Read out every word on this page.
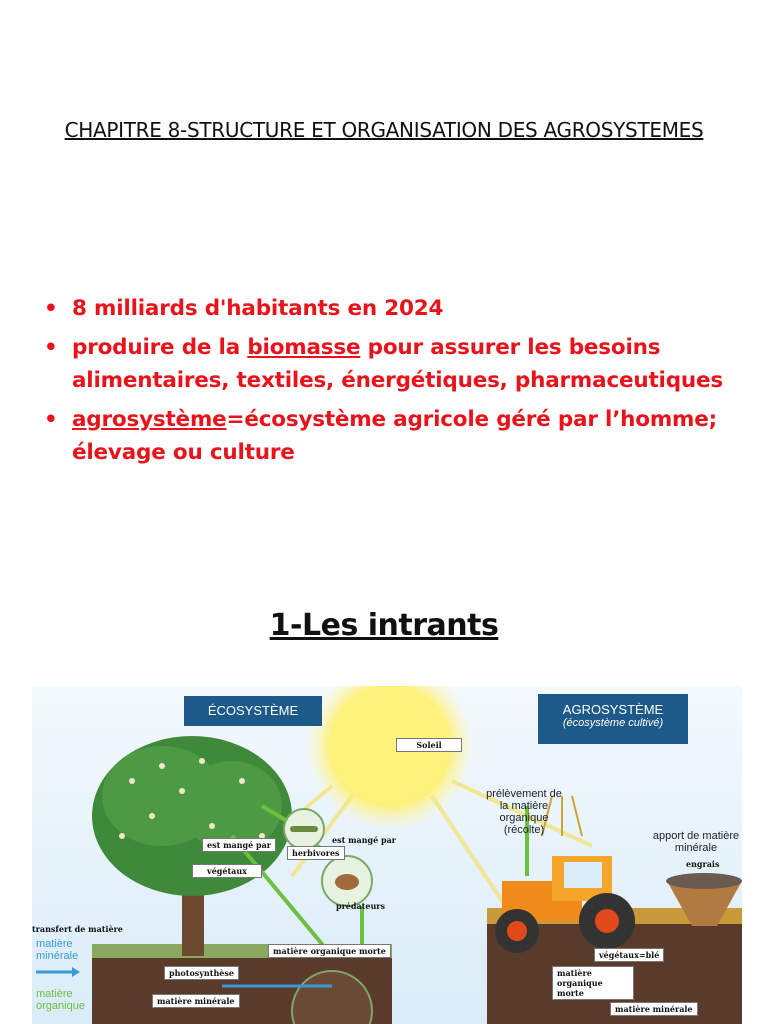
CHAPITRE 8-STRUCTURE ET ORGANISATION DES AGROSYSTEMES
• 8 milliards d'habitants en 2024
• produire de la biomasse pour assurer les besoins alimentaires, textiles, énergétiques, pharmaceutiques
• agrosystème=écosystème agricole géré par l’homme; élevage ou culture
1-Les intrants
ÉCOSYSTÈME	AGROSYSTÈME
(écosystème cultivé)
Soleil
est mangé par	est mangé par
herbivores
végétaux
prédateurs
matière organique morte
photosynthèse
matière minérale
prélèvement de la matière organique (récolte)	apport de matière minérale
engrais
végétaux=blé
matière organique morte
matière minérale
transfert de matière
matière minérale
matière organique
